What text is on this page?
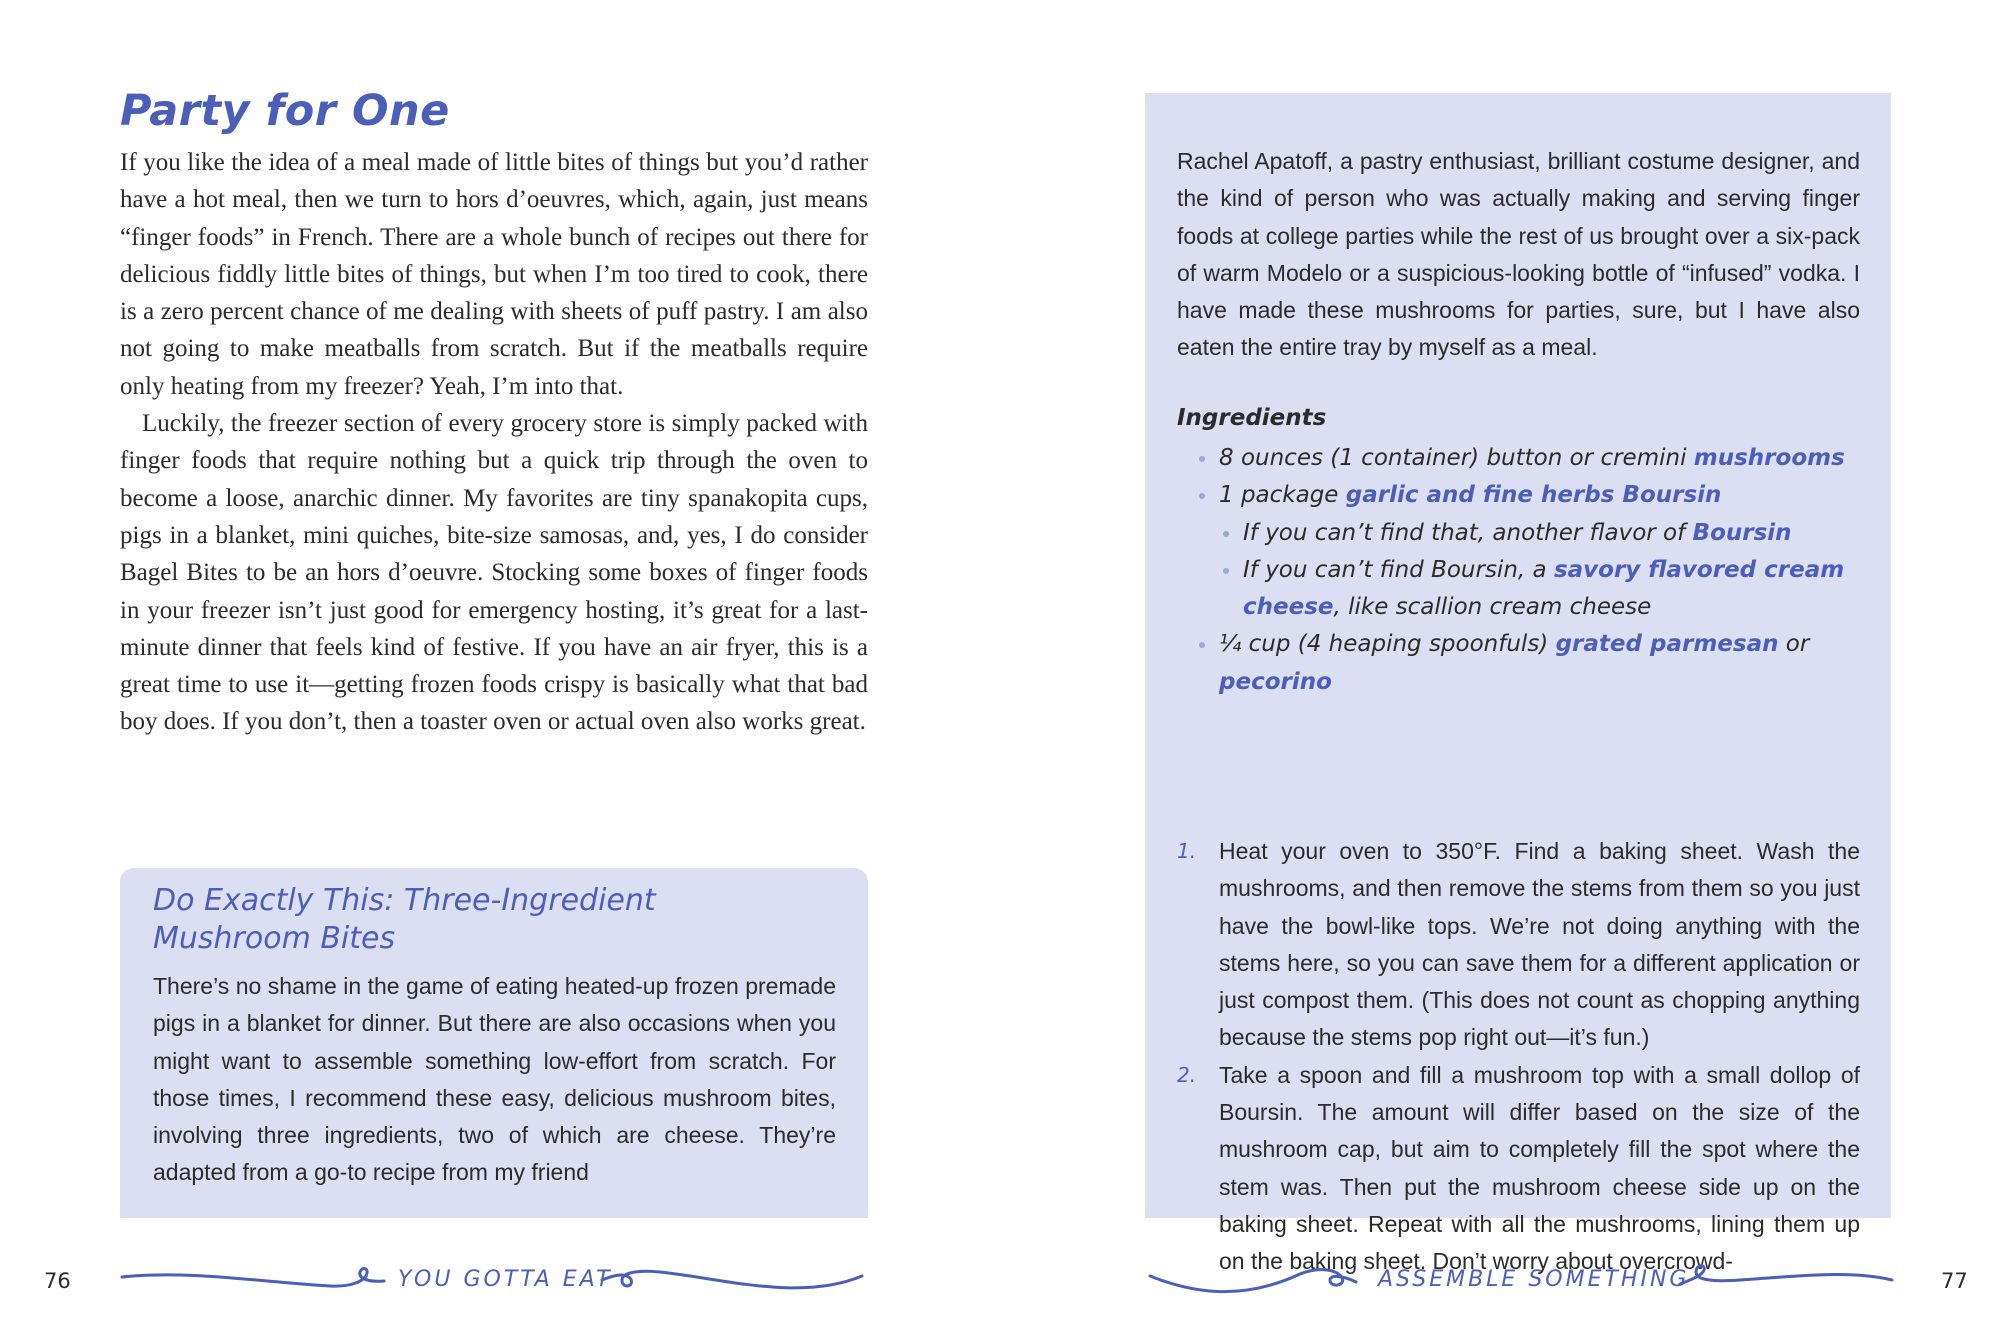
Party for One

If you like the idea of a meal made of little bites of things but you’d rather have a hot meal, then we turn to hors d’oeuvres, which, again, just means “finger foods” in French. There are a whole bunch of recipes out there for delicious fiddly little bites of things, but when I’m too tired to cook, there is a zero percent chance of me dealing with sheets of puff pastry. I am also not going to make meatballs from scratch. But if the meatballs require only heating from my freezer? Yeah, I’m into that.

Luckily, the freezer section of every grocery store is simply packed with finger foods that require nothing but a quick trip through the oven to become a loose, anarchic dinner. My favorites are tiny spanakopita cups, pigs in a blanket, mini quiches, bite-size samosas, and, yes, I do consider Bagel Bites to be an hors d’oeuvre. Stocking some boxes of finger foods in your freezer isn’t just good for emergency hosting, it’s great for a last-minute dinner that feels kind of festive. If you have an air fryer, this is a great time to use it—getting frozen foods crispy is basically what that bad boy does. If you don’t, then a toaster oven or actual oven also works great.

Do Exactly This: Three-Ingredient
Mushroom Bites
There’s no shame in the game of eating heated-up frozen premade pigs in a blanket for dinner. But there are also occasions when you might want to assemble something low-effort from scratch. For those times, I recommend these easy, delicious mushroom bites, involving three ingredients, two of which are cheese. They’re adapted from a go-to recipe from my friend
YOU GOTTA EAT
76
Rachel Apatoff, a pastry enthusiast, brilliant costume designer, and the kind of person who was actually making and serving finger foods at college parties while the rest of us brought over a six-pack of warm Modelo or a suspicious-looking bottle of “infused” vodka. I have made these mushrooms for parties, sure, but I have also eaten the entire tray by myself as a meal.
Ingredients
8 ounces (1 container) button or cremini mushrooms
1 package garlic and fine herbs Boursin
If you can’t find that, another flavor of Boursin
If you can’t find Boursin, a savory flavored cream cheese, like scallion cream cheese
¼ cup (4 heaping spoonfuls) grated parmesan or pecorino
1. Heat your oven to 350°F. Find a baking sheet. Wash the mushrooms, and then remove the stems from them so you just have the bowl-like tops. We’re not doing anything with the stems here, so you can save them for a different application or just compost them. (This does not count as chopping anything because the stems pop right out—it’s fun.)
2. Take a spoon and fill a mushroom top with a small dollop of Boursin. The amount will differ based on the size of the mushroom cap, but aim to completely fill the spot where the stem was. Then put the mushroom cheese side up on the baking sheet. Repeat with all the mushrooms, lining them up on the baking sheet. Don’t worry about overcrowd-
ASSEMBLE SOMETHING	77
